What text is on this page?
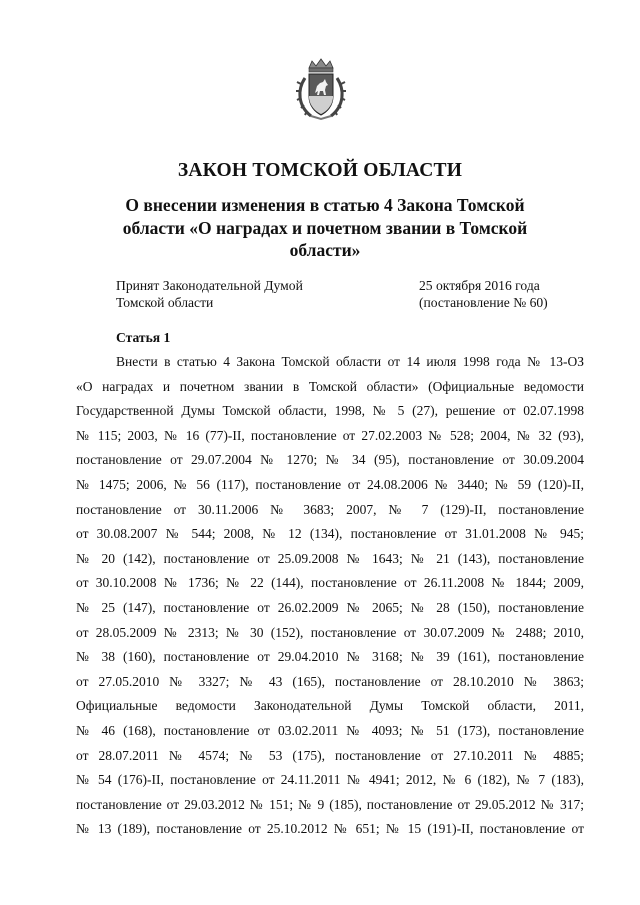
ЗАКОН ТОМСКОЙ ОБЛАСТИ
О внесении изменения в статью 4 Закона Томской
области «О наградах и почетном звании в Томской
области»
Принят Законодательной Думой
Томской области
25 октября 2016 года
(постановление № 60)
Статья 1
Внести в статью 4 Закона Томской области от 14 июля 1998 года № 13-ОЗ
«О наградах и почетном звании в Томской области» (Официальные ведомости
Государственной Думы Томской области, 1998, № 5 (27), решение от 02.07.1998
№ 115; 2003, № 16 (77)-II, постановление от 27.02.2003 № 528; 2004, № 32 (93),
постановление от 29.07.2004 № 1270; № 34 (95), постановление от 30.09.2004
№ 1475; 2006, № 56 (117), постановление от 24.08.2006 № 3440; № 59 (120)-II,
постановление от 30.11.2006 № 3683; 2007, № 7 (129)-II, постановление
от 30.08.2007 № 544; 2008, № 12 (134), постановление от 31.01.2008 № 945;
№ 20 (142), постановление от 25.09.2008 № 1643; № 21 (143), постановление
от 30.10.2008 № 1736; № 22 (144), постановление от 26.11.2008 № 1844; 2009,
№ 25 (147), постановление от 26.02.2009 № 2065; № 28 (150), постановление
от 28.05.2009 № 2313; № 30 (152), постановление от 30.07.2009 № 2488; 2010,
№ 38 (160), постановление от 29.04.2010 № 3168; № 39 (161), постановление
от 27.05.2010 № 3327; № 43 (165), постановление от 28.10.2010 № 3863;
Официальные ведомости Законодательной Думы Томской области, 2011,
№ 46 (168), постановление от 03.02.2011 № 4093; № 51 (173), постановление
от 28.07.2011 № 4574; № 53 (175), постановление от 27.10.2011 № 4885;
№ 54 (176)-II, постановление от 24.11.2011 № 4941; 2012, № 6 (182), № 7 (183),
постановление от 29.03.2012 № 151; № 9 (185), постановление от 29.05.2012 № 317;
№ 13 (189), постановление от 25.10.2012 № 651; № 15 (191)-II, постановление от
